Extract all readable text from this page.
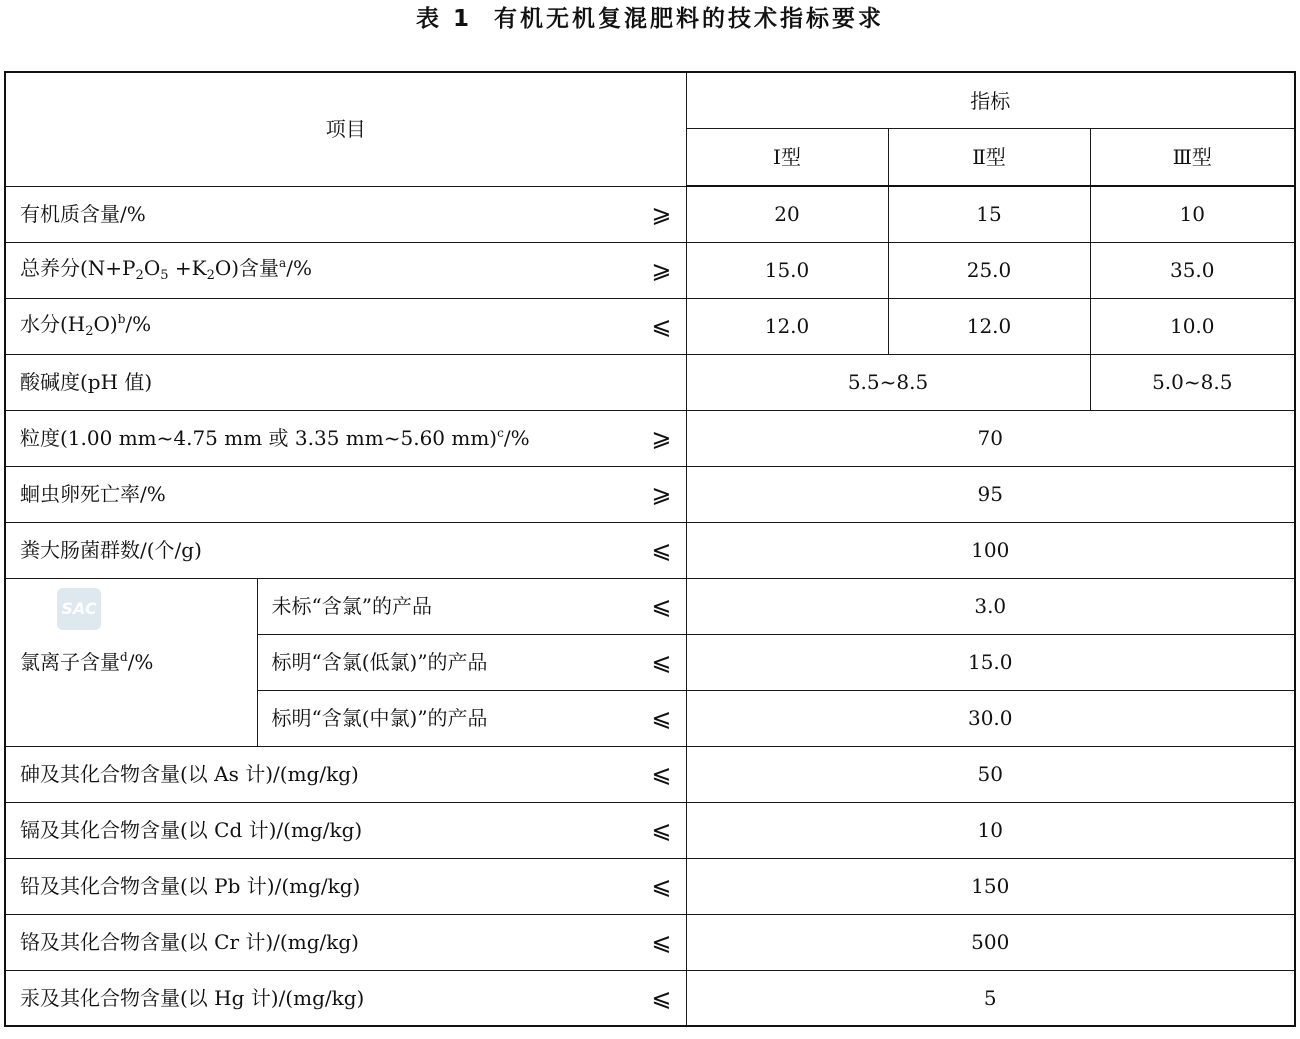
表 1 有机无机复混肥料的技术指标要求
项目		指标		
		Ⅰ型	Ⅱ型	Ⅲ型
有机质含量/% ⩾		20	15	10
总养分$(N+P_2O_5 +K_2O)$含量$^a$/% ⩾		15.0	25.0	35.0
水分$(H_2O)^b/\%$ ⩽		12.0	12.0	10.0
酸碱度(pH 值)		5.5~8.5		5.0~8.5
粒度(1.00 mm~4.75 mm 或 3.35 mm~5.60 mm)$^c$/% ⩾		70		
蛔虫卵死亡率/% ⩾		95		
粪大肠菌群数/(个/g) ⩽		100		
氯离子含量$^d$/%	未标“含氯”的产品 ⩽	3.0		
	标明“含氯(低氯)”的产品 ⩽	15.0		
	标明“含氯(中氯)”的产品 ⩽	30.0		
砷及其化合物含量(以 As 计)/(mg/kg) ⩽		50		
镉及其化合物含量(以 Cd 计)/(mg/kg) ⩽		10		
铅及其化合物含量(以 Pb 计)/(mg/kg) ⩽		150		
铬及其化合物含量(以 Cr 计)/(mg/kg) ⩽		500		
汞及其化合物含量(以 Hg 计)/(mg/kg) ⩽		5		
SAC
